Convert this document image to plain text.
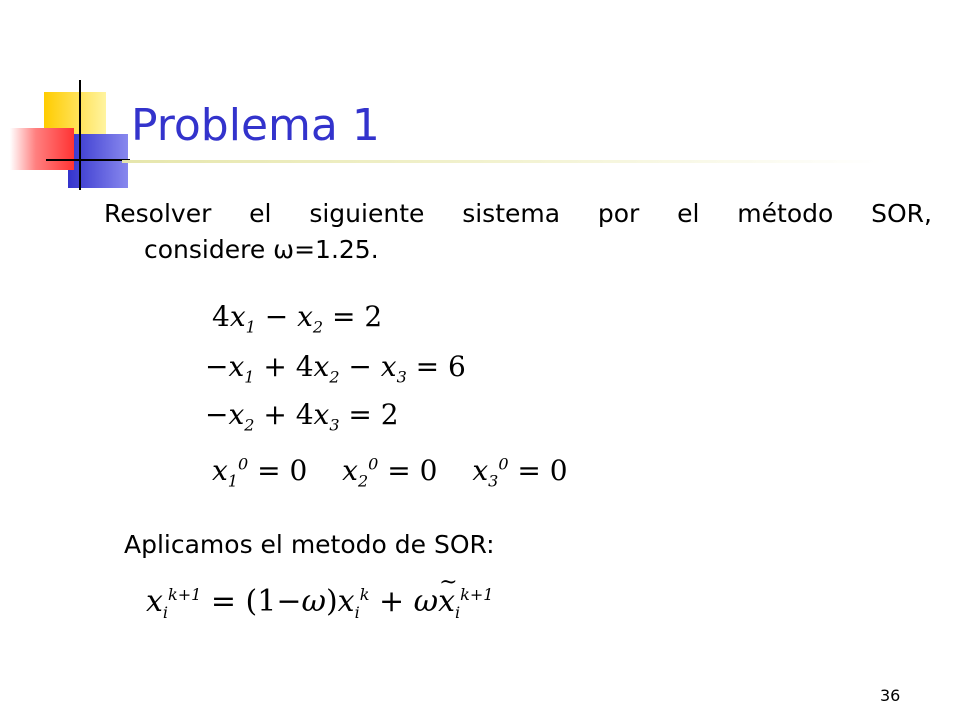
Problema 1
Resolver el siguiente sistema por el método SOR,
considere ω=1.25.
$4x_1 - x_2 = 2$
$-x_1 + 4x_2 - x_3 = 6$
$-x_2 + 4x_3 = 2$
$x_1^0 = 0$ $x_2^0 = 0$ $x_3^0 = 0$
Aplicamos el metodo de SOR:
$x_i^{k+1} = (1-\omega)x_i^k$ + ω~ $x_i^{k+1}$
36
